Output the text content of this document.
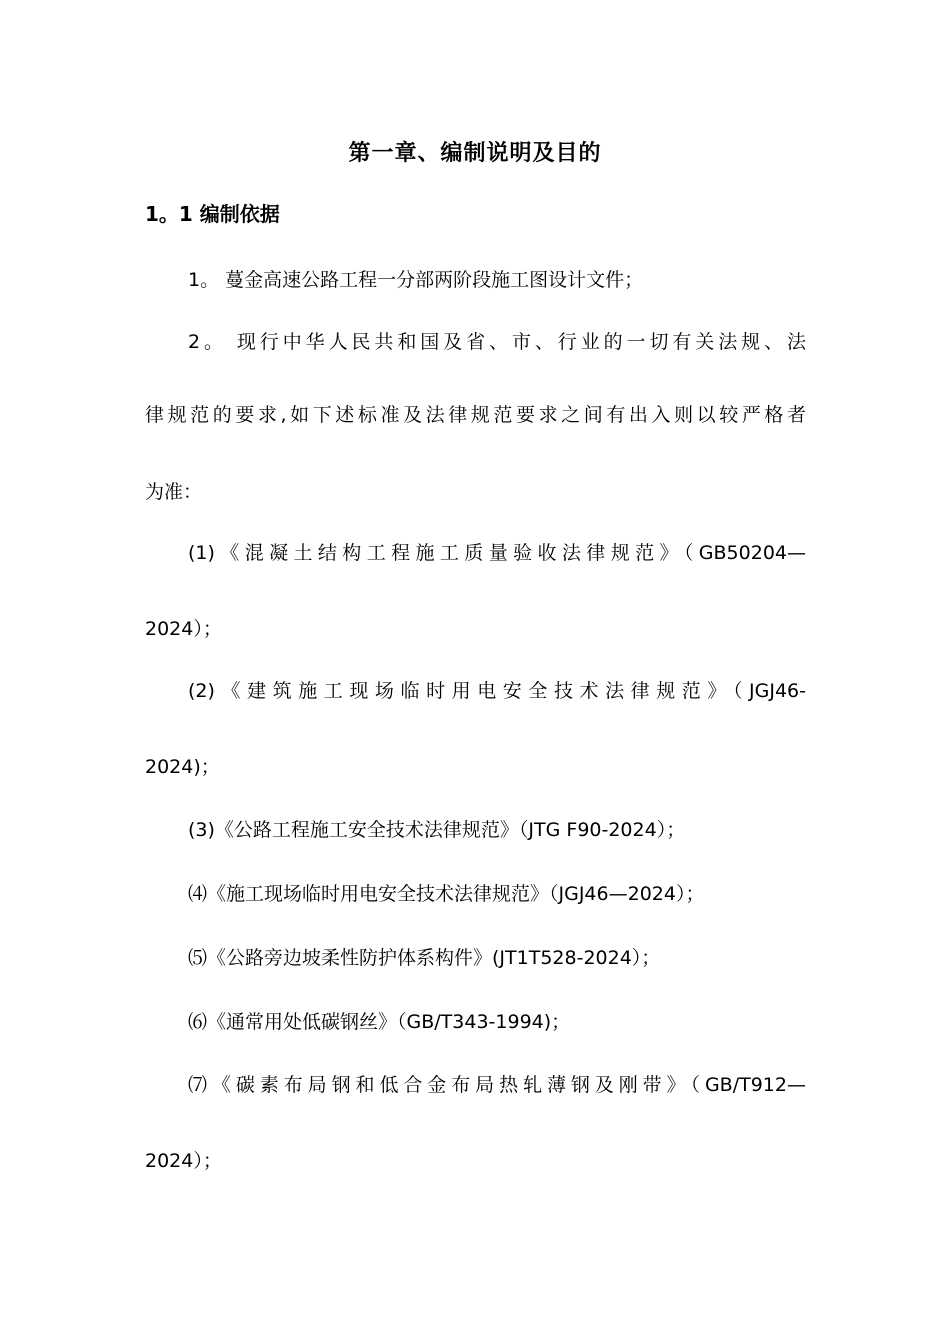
第一章、编制说明及目的
1。1 编制依据
1。 蔓金高速公路工程一分部两阶段施工图设计文件；
2。 现行中华人民共和国及省、市、行业的一切有关法规、法
律规范的要求,如下述标准及法律规范要求之间有出入则以较严格者
为准：
(1)《混凝土结构工程施工质量验收法律规范》（GB50204—
2024）；
(2)《建筑施工现场临时用电安全技术法律规范》（JGJ46-
2024)；
(3)《公路工程施工安全技术法律规范》（JTG F90-2024）；
⑷《施工现场临时用电安全技术法律规范》（JGJ46—2024）；
⑸《公路旁边坡柔性防护体系构件》(JT1T528-2024）；
⑹《通常用处低碳钢丝》（GB/T343-1994)；
⑺《碳素布局钢和低合金布局热轧薄钢及刚带》（GB/T912—
2024）；
